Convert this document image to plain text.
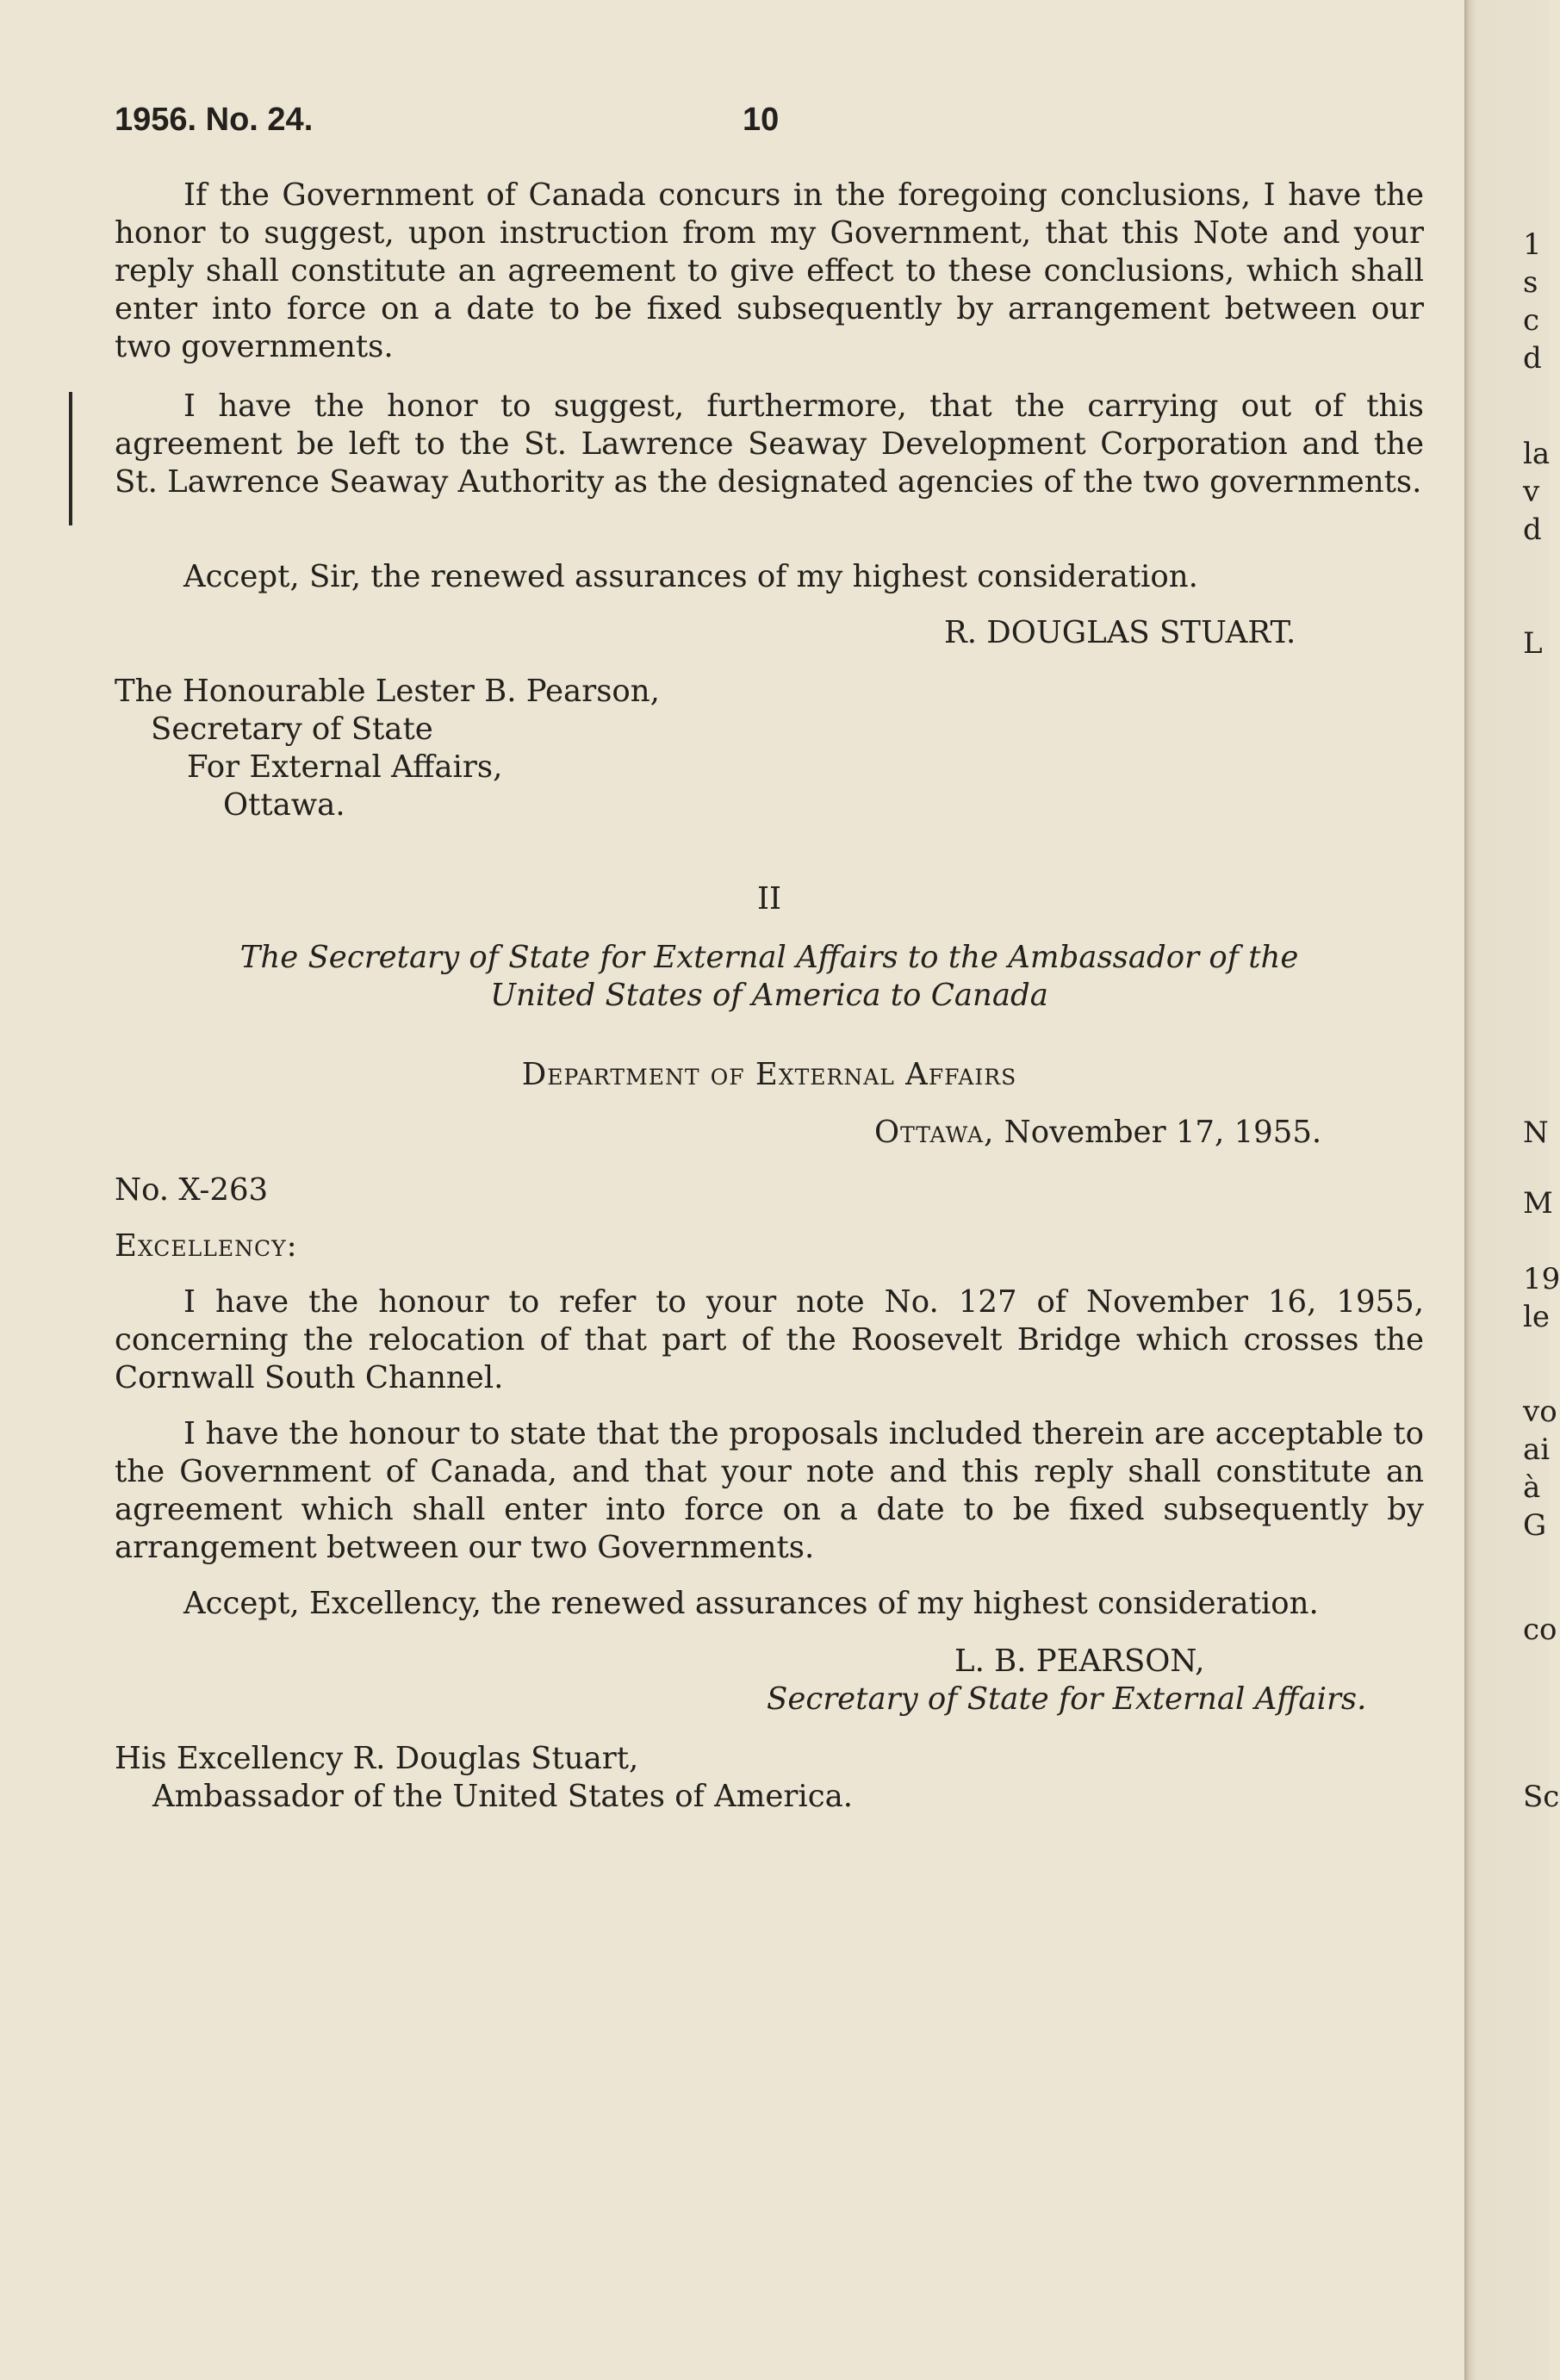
1956. No. 24.	10
If the Government of Canada concurs in the foregoing conclusions, I have the honor to suggest, upon instruction from my Government, that this Note and your reply shall constitute an agreement to give effect to these conclusions, which shall enter into force on a date to be fixed subsequently by arrangement between our two governments.
I have the honor to suggest, furthermore, that the carrying out of this agreement be left to the St. Lawrence Seaway Development Corporation and the St. Lawrence Seaway Authority as the designated agencies of the two governments.
Accept, Sir, the renewed assurances of my highest consideration.
R. DOUGLAS STUART.
The Honourable Lester B. Pearson,
Secretary of State
For External Affairs,
Ottawa.
II
The Secretary of State for External Affairs to the Ambassador of the
United States of America to Canada
Department of External Affairs
Ottawa, November 17, 1955.
No. X-263
Excellency:
I have the honour to refer to your note No. 127 of November 16, 1955, concerning the relocation of that part of the Roosevelt Bridge which crosses the Cornwall South Channel.
I have the honour to state that the proposals included therein are acceptable to the Government of Canada, and that your note and this reply shall constitute an agreement which shall enter into force on a date to be fixed subsequently by arrangement between our two Governments.
Accept, Excellency, the renewed assurances of my highest consideration.
L. B. PEARSON,
Secretary of State for External Affairs.
His Excellency R. Douglas Stuart,
Ambassador of the United States of America.
1
s
c
d
la
v
d
L
N
M
19
le
vo
ai
à
G
co
Sc
